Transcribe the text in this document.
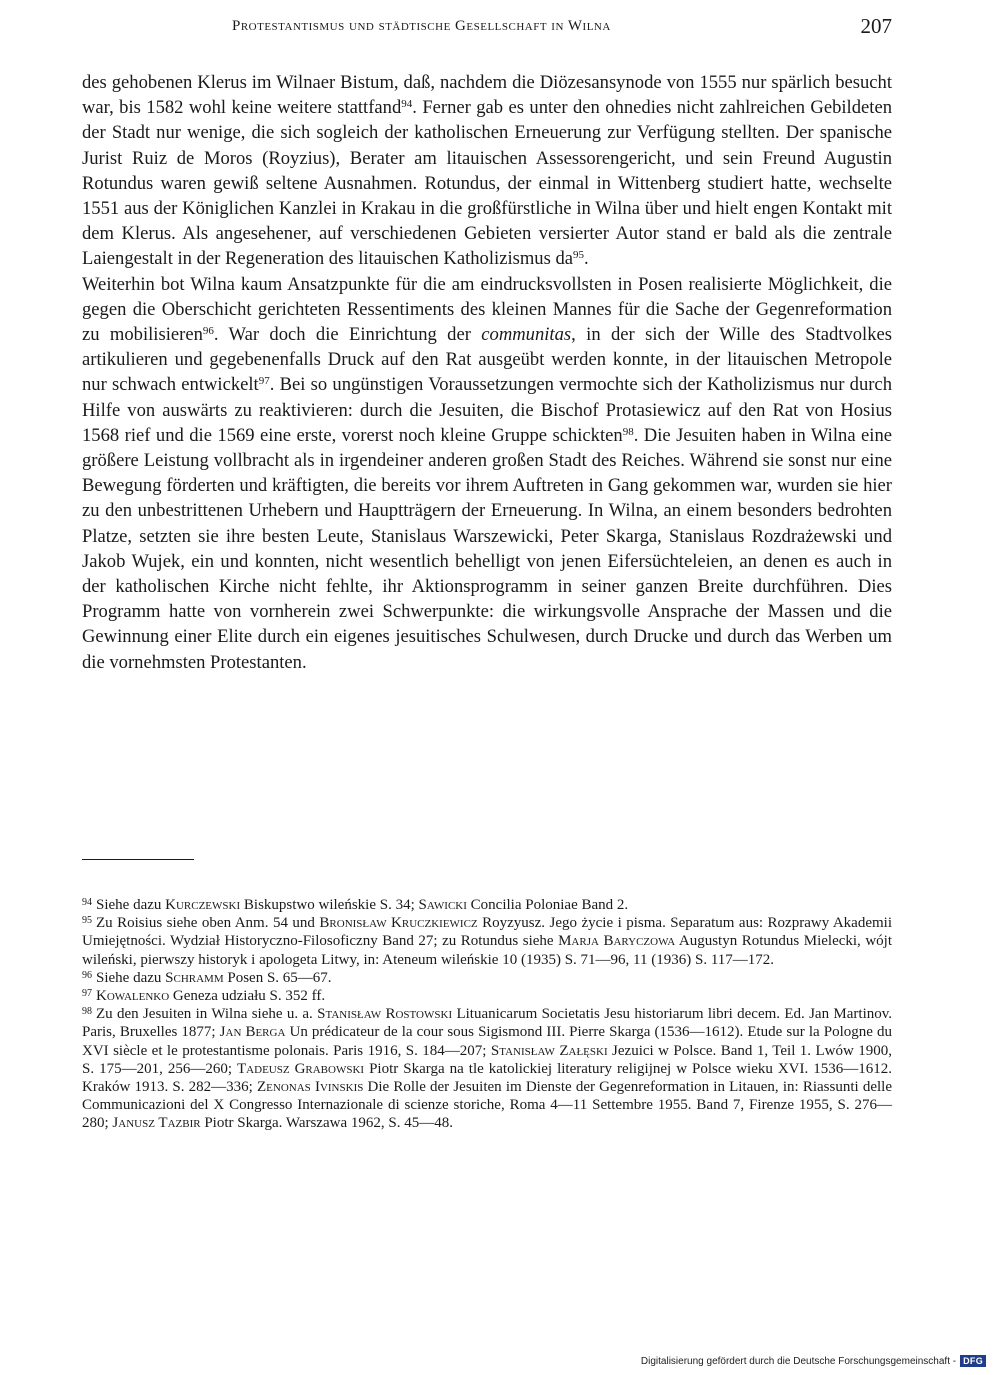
Protestantismus und städtische Gesellschaft in Wilna	207

des gehobenen Klerus im Wilnaer Bistum, daß, nachdem die Diözesansynode von 1555 nur spärlich besucht war, bis 1582 wohl keine weitere stattfand$^{94}$. Ferner gab es unter den ohnedies nicht zahlreichen Gebildeten der Stadt nur wenige, die sich sogleich der katholischen Erneuerung zur Verfügung stellten. Der spanische Jurist Ruiz de Moros (Royzius), Berater am litauischen Assessorengericht, und sein Freund Augustin Rotundus waren gewiß seltene Ausnahmen. Rotundus, der einmal in Wittenberg studiert hatte, wechselte 1551 aus der Königlichen Kanzlei in Krakau in die großfürstliche in Wilna über und hielt engen Kontakt mit dem Klerus. Als angesehener, auf verschiedenen Gebieten versierter Autor stand er bald als die zentrale Laiengestalt in der Regeneration des litauischen Katholizismus $da^{95}$.

Weiterhin bot Wilna kaum Ansatzpunkte für die am eindrucksvollsten in Posen realisierte Möglichkeit, die gegen die Oberschicht gerichteten Ressentiments des kleinen Mannes für die Sache der Gegenreformation zu mobilisieren$^{96}$. War doch die Einrichtung der communitas, in der sich der Wille des Stadtvolkes artikulieren und gegebenenfalls Druck auf den Rat ausgeübt werden konnte, in der litauischen Metropole nur schwach entwickelt$^{97}$. Bei so ungünstigen Voraussetzungen vermochte sich der Katholizismus nur durch Hilfe von auswärts zu reaktivieren: durch die Jesuiten, die Bischof Protasiewicz auf den Rat von Hosius 1568 rief und die 1569 eine erste, vorerst noch kleine Gruppe schickten$^{98}$. Die Jesuiten haben in Wilna eine größere Leistung vollbracht als in irgendeiner anderen großen Stadt des Reiches. Während sie sonst nur eine Bewegung förderten und kräftigten, die bereits vor ihrem Auftreten in Gang gekommen war, wurden sie hier zu den unbestrittenen Urhebern und Hauptträgern der Erneuerung. In Wilna, an einem besonders bedrohten Platze, setzten sie ihre besten Leute, Stanislaus Warszewicki, Peter Skarga, Stanislaus Rozdrażewski und Jakob Wujek, ein und konnten, nicht wesentlich behelligt von jenen Eifersüchteleien, an denen es auch in der katholischen Kirche nicht fehlte, ihr Aktionsprogramm in seiner ganzen Breite durchführen. Dies Programm hatte von vornherein zwei Schwerpunkte: die wirkungsvolle Ansprache der Massen und die Gewinnung einer Elite durch ein eigenes jesuitisches Schulwesen, durch Drucke und durch das Werben um die vornehmsten Protestanten.

$^{94}$ Siehe dazu Kurczewski Biskupstwo wileńskie S. 34; Sawicki Concilia Poloniae Band 2.

$^{95}$ Zu Roisius siehe oben Anm. 54 und Bronisław Kruczkiewicz Royzyusz. Jego życie i pisma. Separatum aus: Rozprawy Akademii Umiejętności. Wydział Historyczno-Filosoficzny Band 27; zu Rotundus siehe Marja Baryczowa Augustyn Rotundus Mielecki, wójt wileński, pierwszy historyk i apologeta Litwy, in: Ateneum wileńskie 10 (1935) S. 71—96, 11 (1936) S. 117—172.

$^{96}$ Siehe dazu Schramm Posen S. 65—67.

$^{97}$ Kowalenko Geneza udziału S. 352 ff.

$^{98}$ Zu den Jesuiten in Wilna siehe u. a. Stanisław Rostowski Lituanicarum Societatis Jesu historiarum libri decem. Ed. Jan Martinov. Paris, Bruxelles 1877; Jan Berga Un prédicateur de la cour sous Sigismond III. Pierre Skarga (1536—1612). Etude sur la Pologne du XVI siècle et le protestantisme polonais. Paris 1916, S. 184—207; Stanisław Załęski Jezuici w Polsce. Band 1, Teil 1. Lwów 1900, S. 175—201, 256—260; Tadeusz Grabowski Piotr Skarga na tle katolickiej literatury religijnej w Polsce wieku XVI. 1536—1612. Kraków 1913. S. 282—336; Zenonas Ivinskis Die Rolle der Jesuiten im Dienste der Gegenreformation in Litauen, in: Riassunti delle Communicazioni del X Congresso Internazionale di scienze storiche, Roma 4—11 Settembre 1955. Band 7, Firenze 1955, S. 276—280; Janusz Tazbir Piotr Skarga. Warszawa 1962, S. 45—48.

Digitalisierung gefördert durch die Deutsche Forschungsgemeinschaft - DFG
